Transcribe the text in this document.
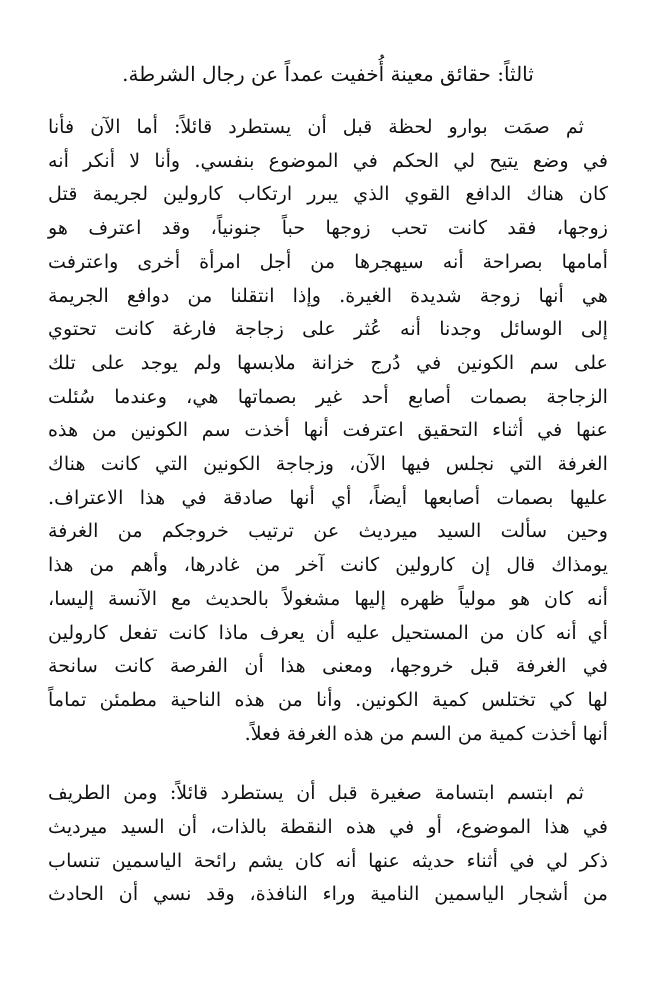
ثالثاً: حقائق معينة أُخفيت عمداً عن رجال الشرطة.
ثم صمَت بوارو لحظة قبل أن يستطرد قائلاً: أما الآن فأنا
في وضع يتيح لي الحكم في الموضوع بنفسي. وأنا لا أنكر أنه
كان هناك الدافع القوي الذي يبرر ارتكاب كارولين لجريمة قتل
زوجها، فقد كانت تحب زوجها حباً جنونياً، وقد اعترف هو
أمامها بصراحة أنه سيهجرها من أجل امرأة أخرى واعترفت
هي أنها زوجة شديدة الغيرة. وإذا انتقلنا من دوافع الجريمة
إلى الوسائل وجدنا أنه عُثر على زجاجة فارغة كانت تحتوي
على سم الكونين في دُرج خزانة ملابسها ولم يوجد على تلك
الزجاجة بصمات أصابع أحد غير بصماتها هي، وعندما سُئلت
عنها في أثناء التحقيق اعترفت أنها أخذت سم الكونين من هذه
الغرفة التي نجلس فيها الآن، وزجاجة الكونين التي كانت هناك
عليها بصمات أصابعها أيضاً، أي أنها صادقة في هذا الاعتراف.
وحين سألت السيد ميرديث عن ترتيب خروجكم من الغرفة
يومذاك قال إن كارولين كانت آخر من غادرها، وأهم من هذا
أنه كان هو مولياً ظهره إليها مشغولاً بالحديث مع الآنسة إليسا،
أي أنه كان من المستحيل عليه أن يعرف ماذا كانت تفعل كارولين
في الغرفة قبل خروجها، ومعنى هذا أن الفرصة كانت سانحة
لها كي تختلس كمية الكونين. وأنا من هذه الناحية مطمئن تماماً
أنها أخذت كمية من السم من هذه الغرفة فعلاً.
ثم ابتسم ابتسامة صغيرة قبل أن يستطرد قائلاً: ومن الطريف
في هذا الموضوع، أو في هذه النقطة بالذات، أن السيد ميرديث
ذكر لي في أثناء حديثه عنها أنه كان يشم رائحة الياسمين تنساب
من أشجار الياسمين النامية وراء النافذة، وقد نسي أن الحادث
